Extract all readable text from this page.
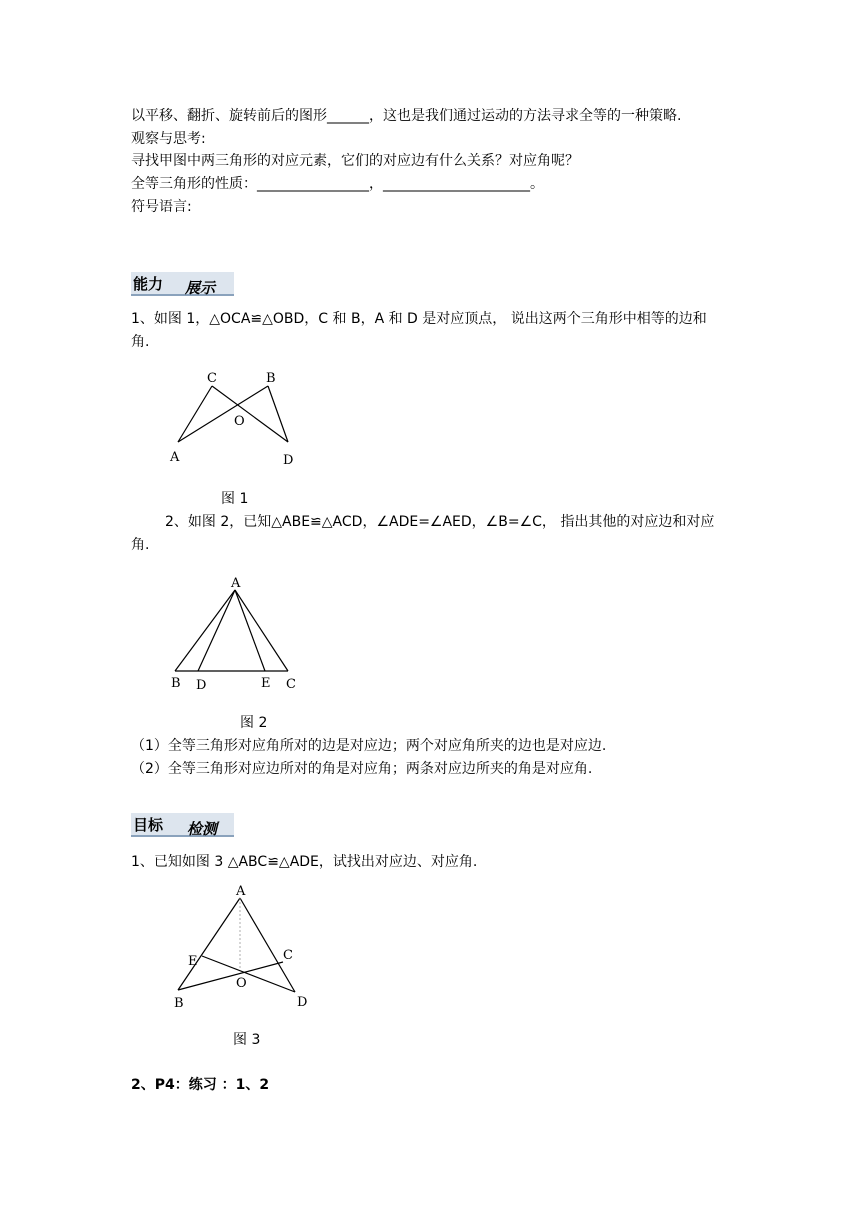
以平移、翻折、旋转前后的图形______，这也是我们通过运动的方法寻求全等的一种策略.
观察与思考:
寻找甲图中两三角形的对应元素，它们的对应边有什么关系？对应角呢？
全等三角形的性质：________________，_____________________。
符号语言:
能力 展示
1、如图 1，△OCA≌△OBD，C 和 B，A 和 D 是对应顶点， 说出这两个三角形中相等的边和
角.
C	B
O
A	D
图 1
2、如图 2，已知△ABE≌△ACD，∠ADE=∠AED，∠B=∠C， 指出其他的对应边和对应
角.
A
B D	E C
图 2
（1）全等三角形对应角所对的边是对应边；两个对应角所夹的边也是对应边.
（2）全等三角形对应边所对的角是对应角；两条对应边所夹的角是对应角.
目标 检测
1、已知如图 3 △ABC≌△ADE，试找出对应边、对应角.
A
E	C
O
B	D
图 3
2、P4：练习 ：1、2
